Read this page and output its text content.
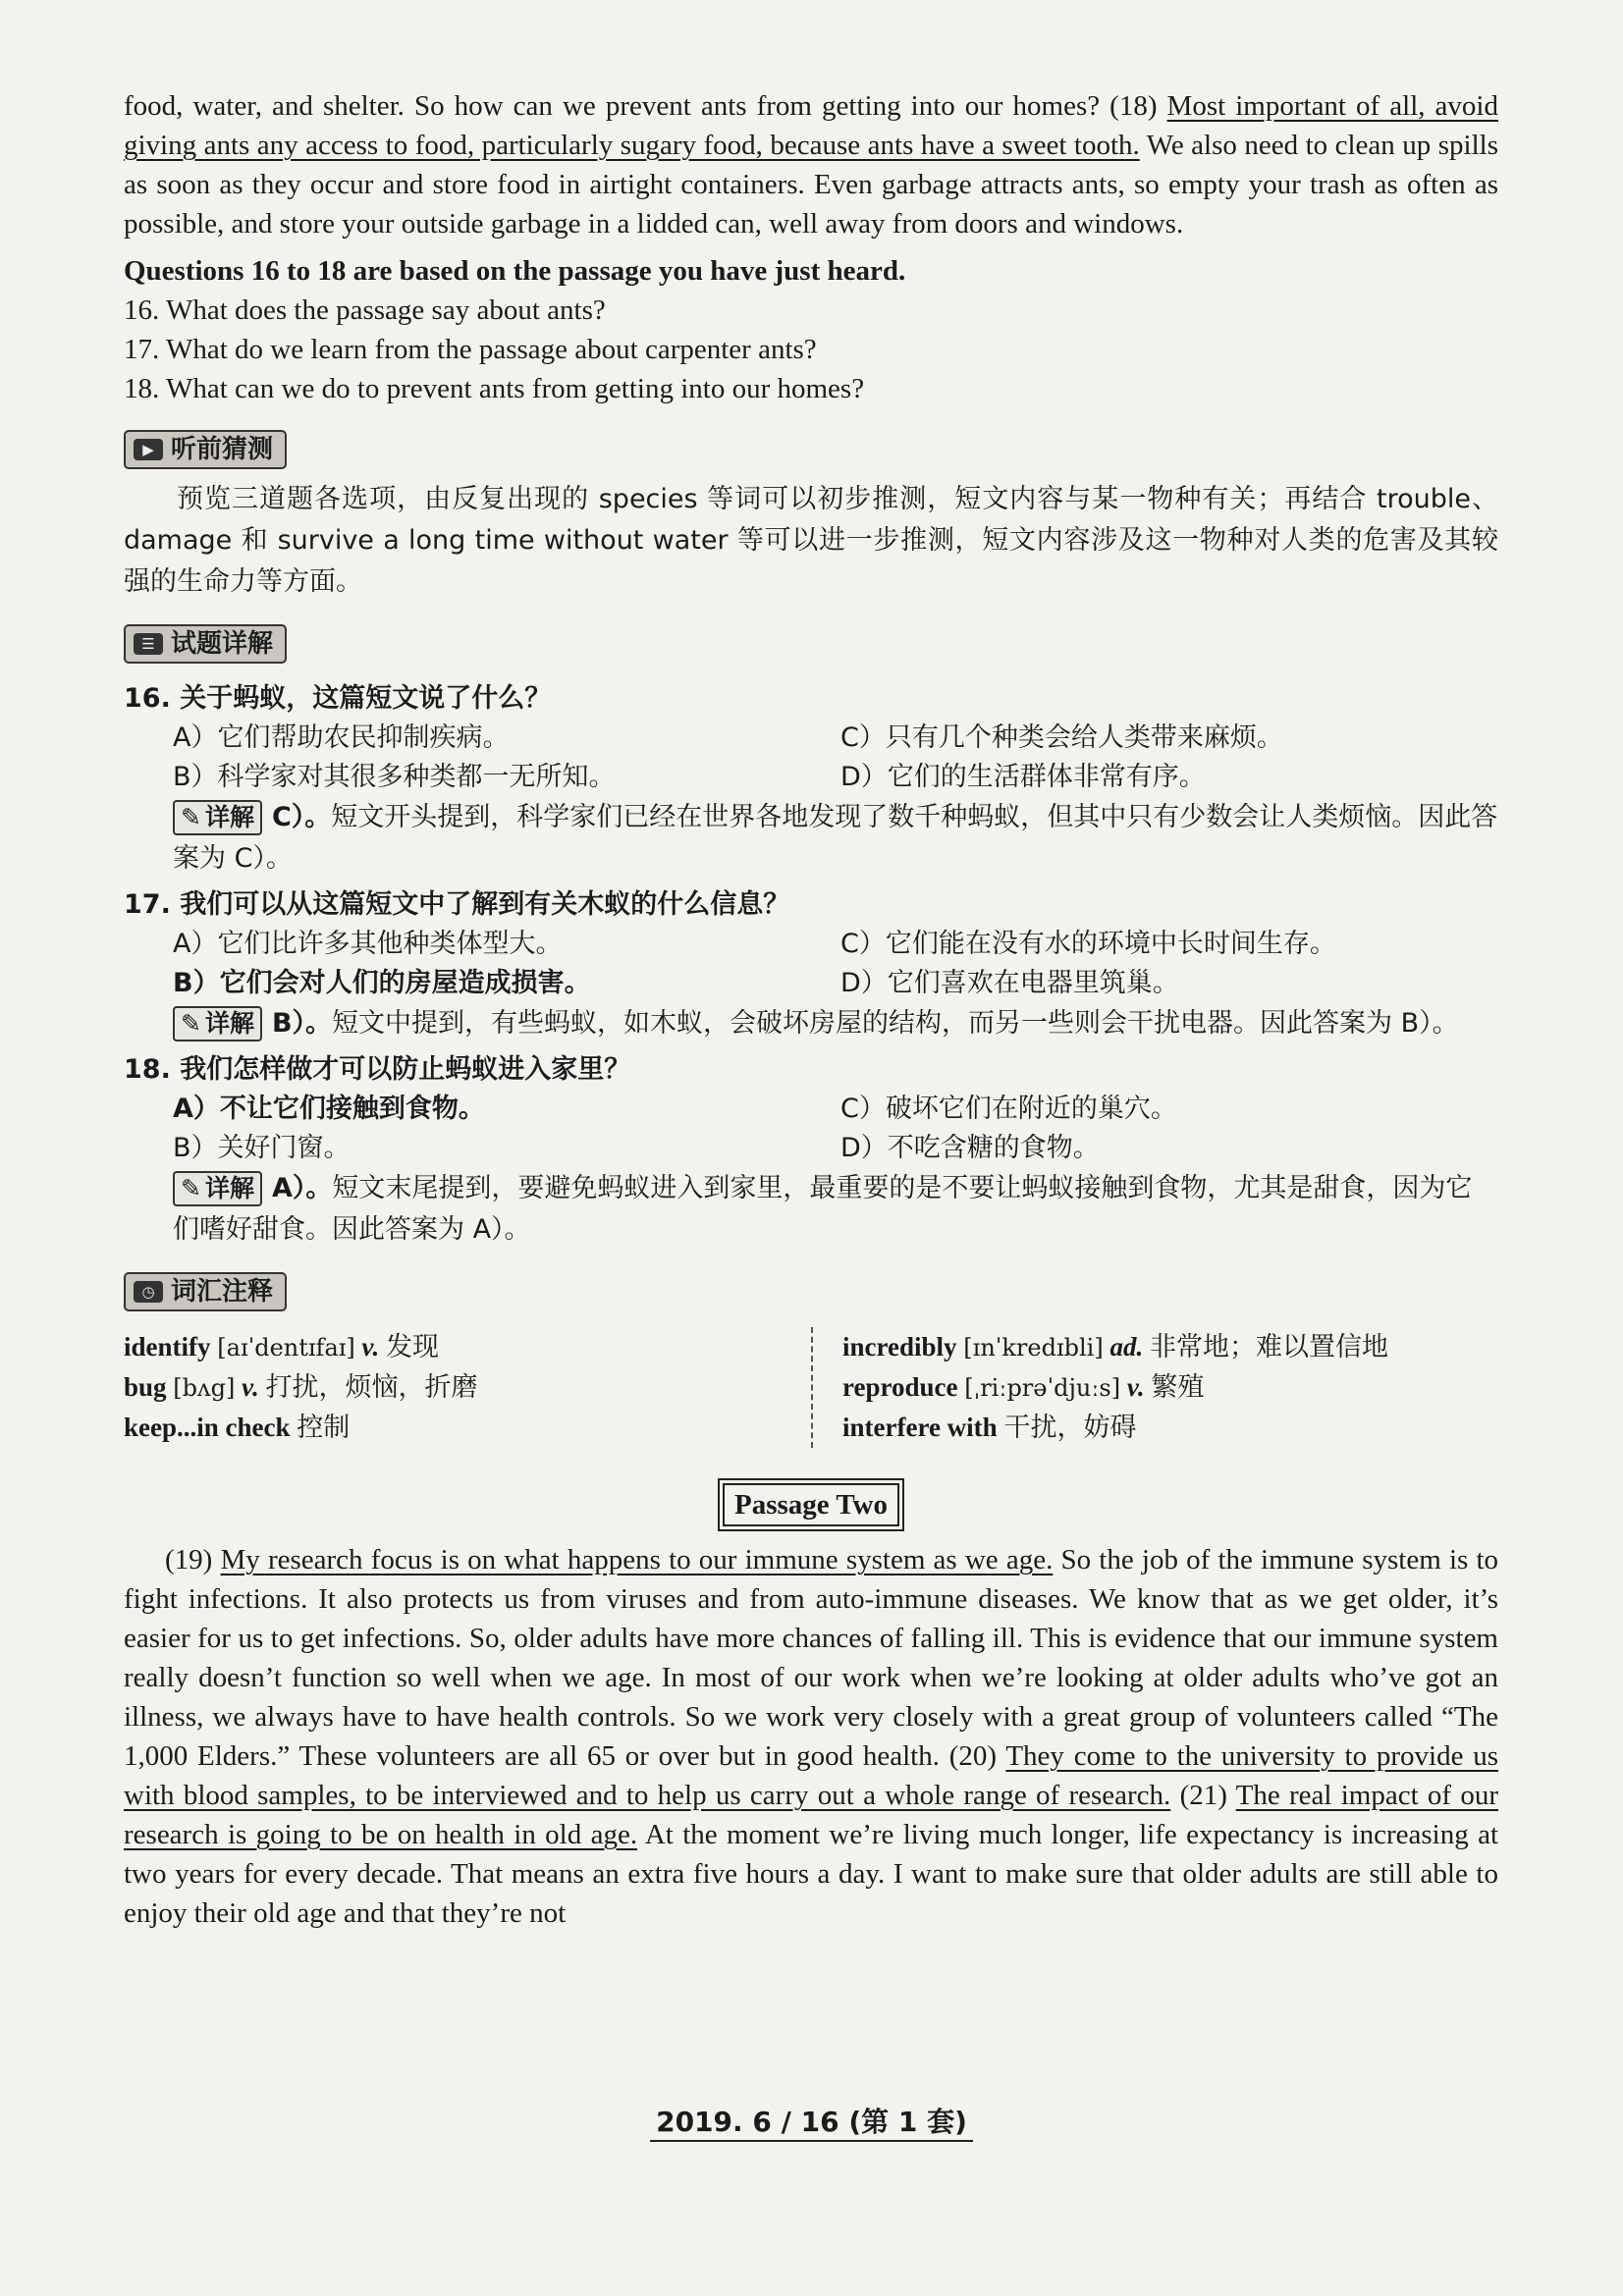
food, water, and shelter. So how can we prevent ants from getting into our homes? (18) Most important of all, avoid giving ants any access to food, particularly sugary food, because ants have a sweet tooth. We also need to clean up spills as soon as they occur and store food in airtight containers. Even garbage attracts ants, so empty your trash as often as possible, and store your outside garbage in a lidded can, well away from doors and windows.

Questions 16 to 18 are based on the passage you have just heard.
16. What does the passage say about ants?
17. What do we learn from the passage about carpenter ants?
18. What can we do to prevent ants from getting into our homes?
▶ 听前猜测

预览三道题各选项，由反复出现的 species 等词可以初步推测，短文内容与某一物种有关；再结合 trouble、damage 和 survive a long time without water 等可以进一步推测，短文内容涉及这一物种对人类的危害及其较强的生命力等方面。

☰ 试题详解
16. 关于蚂蚁，这篇短文说了什么？
A）它们帮助农民抑制疾病。	C）只有几个种类会给人类带来麻烦。
B）科学家对其很多种类都一无所知。	D）它们的生活群体非常有序。

✎ 详解 C）。短文开头提到，科学家们已经在世界各地发现了数千种蚂蚁，但其中只有少数会让人类烦恼。因此答案为 C）。

17. 我们可以从这篇短文中了解到有关木蚁的什么信息？
A）它们比许多其他种类体型大。	C）它们能在没有水的环境中长时间生存。
B）它们会对人们的房屋造成损害。	D）它们喜欢在电器里筑巢。

✎ 详解 B）。短文中提到，有些蚂蚁，如木蚁，会破坏房屋的结构，而另一些则会干扰电器。因此答案为 B）。

18. 我们怎样做才可以防止蚂蚁进入家里？
A）不让它们接触到食物。	C）破坏它们在附近的巢穴。
B）关好门窗。	D）不吃含糖的食物。

✎ 详解 A）。短文末尾提到，要避免蚂蚁进入到家里，最重要的是不要让蚂蚁接触到食物，尤其是甜食，因为它们嗜好甜食。因此答案为 A）。

◷ 词汇注释
identify [aɪˈdentɪfaɪ] v. 发现
bug [bʌg] v. 打扰，烦恼，折磨
keep...in check 控制
incredibly [ɪnˈkredɪbli] ad. 非常地；难以置信地
reproduce [ˌriːprəˈdjuːs] v. 繁殖
interfere with 干扰，妨碍
Passage Two

(19) My research focus is on what happens to our immune system as we age. So the job of the immune system is to fight infections. It also protects us from viruses and from auto-immune diseases. We know that as we get older, it’s easier for us to get infections. So, older adults have more chances of falling ill. This is evidence that our immune system really doesn’t function so well when we age. In most of our work when we’re looking at older adults who’ve got an illness, we always have to have health controls. So we work very closely with a great group of volunteers called “The 1,000 Elders.” These volunteers are all 65 or over but in good health. (20) They come to the university to provide us with blood samples, to be interviewed and to help us carry out a whole range of research. (21) The real impact of our research is going to be on health in old age. At the moment we’re living much longer, life expectancy is increasing at two years for every decade. That means an extra five hours a day. I want to make sure that older adults are still able to enjoy their old age and that they’re not

2019. 6 / 16 (第 1 套)
